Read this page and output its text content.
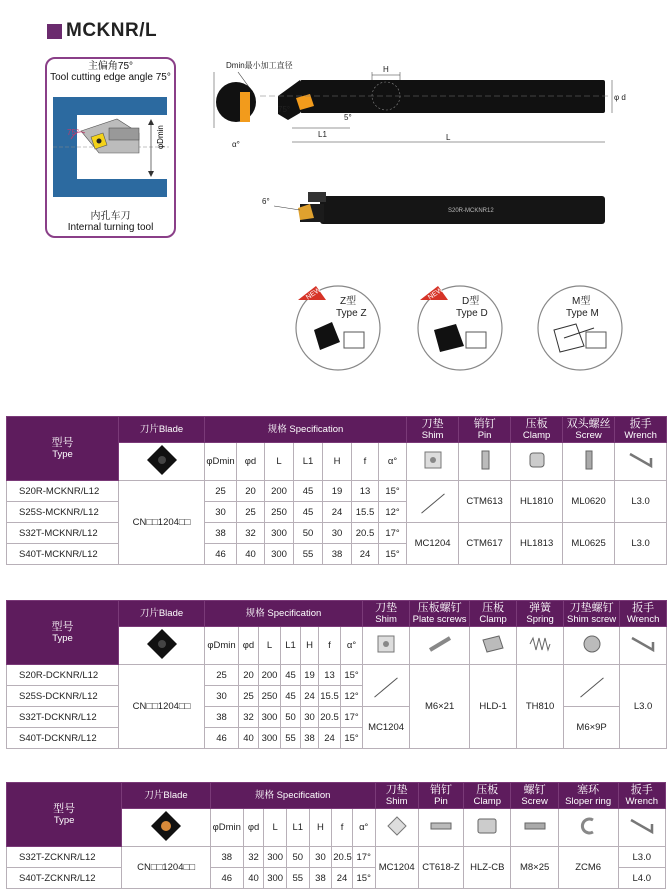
MCKNR/L
主偏角75°
Tool cutting edge angle 75°
φDmin
75°
内孔车刀
Internal turning tool
Dmin最小加工直径	H
φ d
75°
5°
L1	L
α°
S20R-MCKNR12
6°
NEW
新 Z型
Type Z
NEW
新 D型
Type D
M型
Type M
型号
Type	刀片Blade	规格 Specification							刀垫
Shim	销钉
Pin	压板
Clamp	双头螺丝
Screw	扳手
Wrench

	φDmin	φd	L	L1	H	f	α°					
S20R-MCKNR/L12	CN□□1204□□	25	20	200	45	19	13	15°		CTM613	HL1810	ML0620	L3.0
S25S-MCKNR/L12		30	25	250	45	24	15.5	12°					
S32T-MCKNR/L12		38	32	300	50	30	20.5	17°	MC1204	CTM617	HL1813	ML0625	L3.0
S40T-MCKNR/L12		46	40	300	55	38	24	15°					
型号
Type	刀片Blade	规格 Specification							刀垫
Shim	压板螺钉
Plate screws	压板
Clamp	弹簧
Spring	刀垫螺钉
Shim screw	扳手
Wrench

	φDmin	φd	L	L1	H	f	α°						
S20R-DCKNR/L12	CN□□1204□□	25	20	200	45	19	13	15°		M6×21	HLD-1	TH810		L3.0
S25S-DCKNR/L12		30	25	250	45	24	15.5	12°						
S32T-DCKNR/L12		38	32	300	50	30	20.5	17°	MC1204				M6×9P	
S40T-DCKNR/L12		46	40	300	55	38	24	15°						
型号
Type	刀片Blade	规格 Specification							刀垫
Shim	销钉
Pin	压板
Clamp	螺钉
Screw	塞环
Sloper ring	扳手
Wrench

	φDmin	φd	L	L1	H	f	α°						
S32T-ZCKNR/L12	CN□□1204□□	38	32	300	50	30	20.5	17°	MC1204	CT618-Z	HLZ-CB	M8×25	ZCM6	L3.0
S40T-ZCKNR/L12		46	40	300	55	38	24	15°						L4.0
